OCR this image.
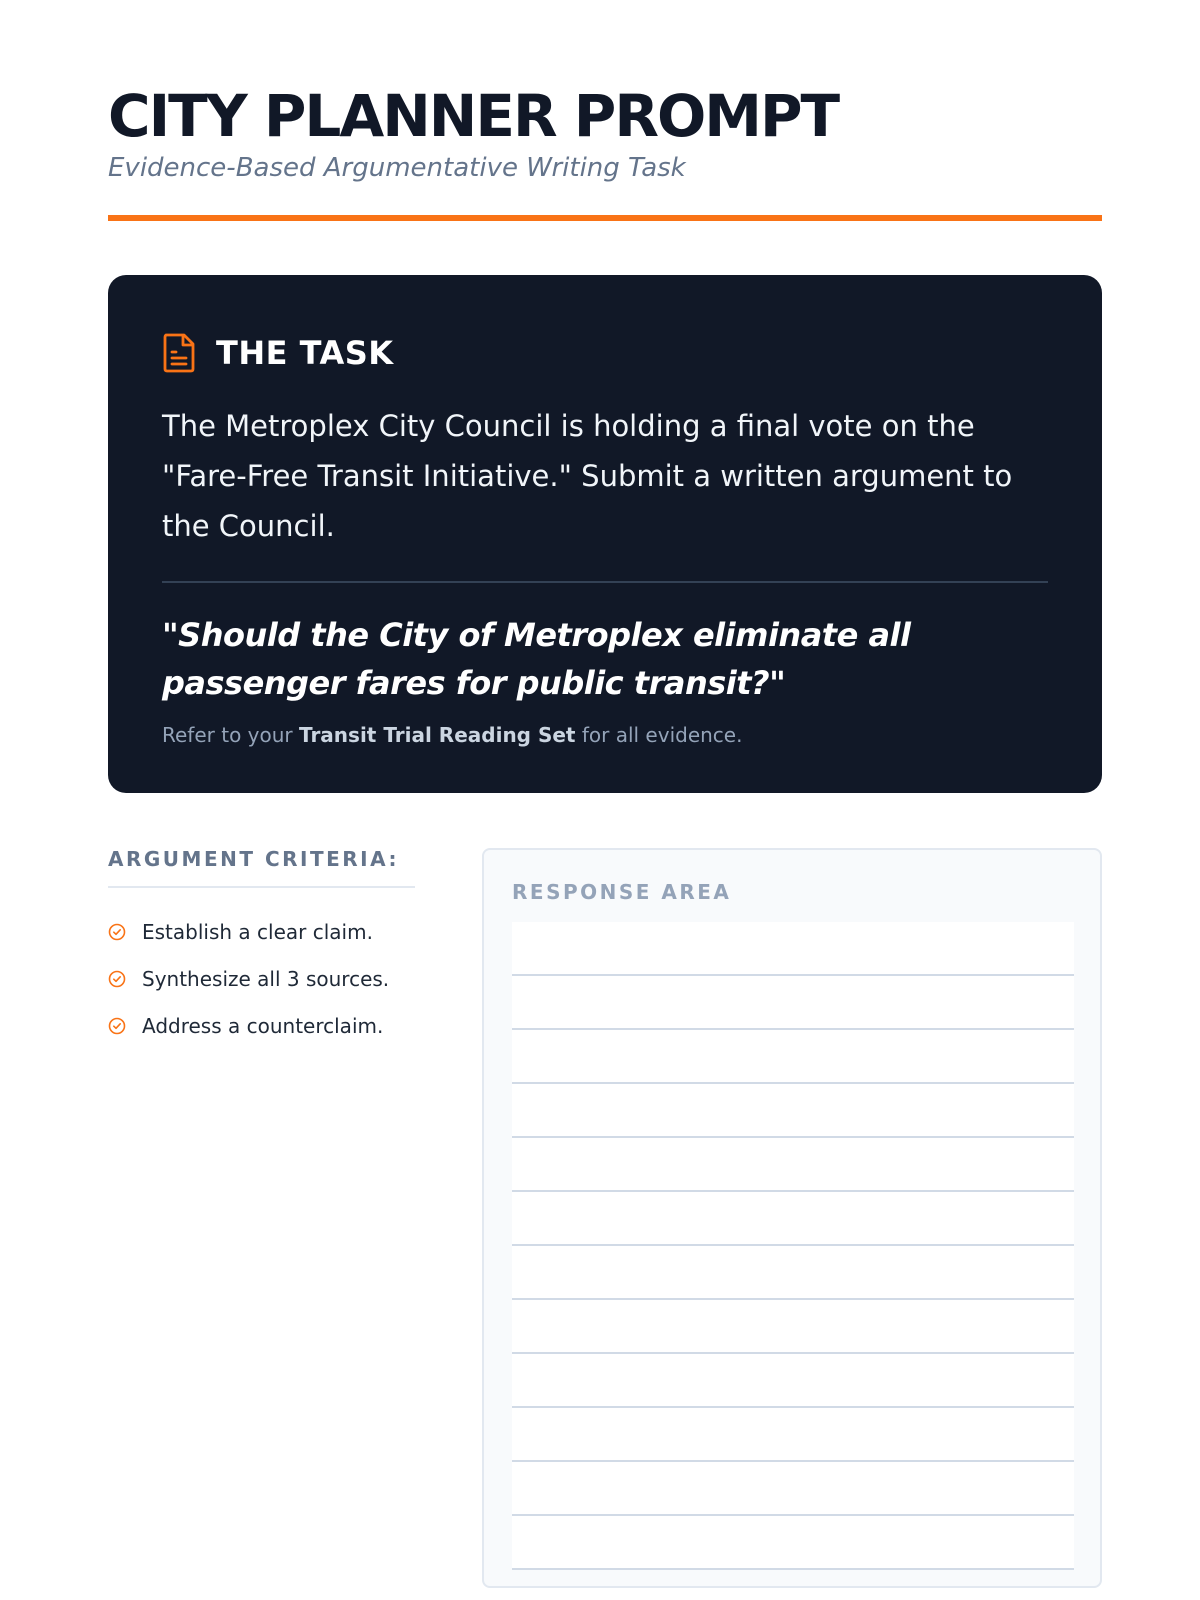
CITY PLANNER PROMPT
Evidence-Based Argumentative Writing Task
THE TASK
The Metroplex City Council is holding a final vote on the "Fare-Free Transit Initiative." Submit a written argument to the Council.
"Should the City of Metroplex eliminate all passenger fares for public transit?"
Refer to your Transit Trial Reading Set for all evidence.
ARGUMENT CRITERIA:
Establish a clear claim.
Synthesize all 3 sources.
Address a counterclaim.
RESPONSE AREA
